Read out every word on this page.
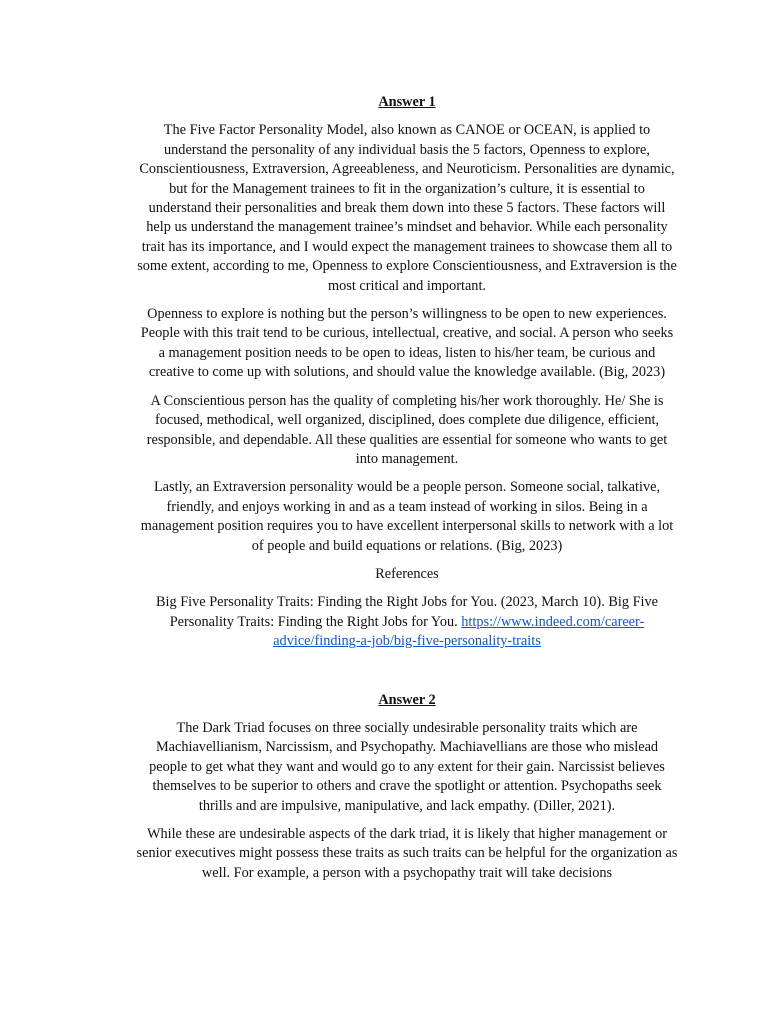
Answer 1

The Five Factor Personality Model, also known as CANOE or OCEAN, is applied to understand the personality of any individual basis the 5 factors, Openness to explore, Conscientiousness, Extraversion, Agreeableness, and Neuroticism. Personalities are dynamic, but for the Management trainees to fit in the organization’s culture, it is essential to understand their personalities and break them down into these 5 factors. These factors will help us understand the management trainee’s mindset and behavior. While each personality trait has its importance, and I would expect the management trainees to showcase them all to some extent, according to me, Openness to explore Conscientiousness, and Extraversion is the most critical and important.

Openness to explore is nothing but the person’s willingness to be open to new experiences. People with this trait tend to be curious, intellectual, creative, and social. A person who seeks a management position needs to be open to ideas, listen to his/her team, be curious and creative to come up with solutions, and should value the knowledge available. (Big, 2023)

A Conscientious person has the quality of completing his/her work thoroughly. He/ She is focused, methodical, well organized, disciplined, does complete due diligence, efficient, responsible, and dependable. All these qualities are essential for someone who wants to get into management.

Lastly, an Extraversion personality would be a people person. Someone social, talkative, friendly, and enjoys working in and as a team instead of working in silos. Being in a management position requires you to have excellent interpersonal skills to network with a lot of people and build equations or relations. (Big, 2023)

References

Big Five Personality Traits: Finding the Right Jobs for You. (2023, March 10). Big Five Personality Traits: Finding the Right Jobs for You. https://www.indeed.com/career-advice/finding-a-job/big-five-personality-traits

Answer 2

The Dark Triad focuses on three socially undesirable personality traits which are Machiavellianism, Narcissism, and Psychopathy. Machiavellians are those who mislead people to get what they want and would go to any extent for their gain. Narcissist believes themselves to be superior to others and crave the spotlight or attention. Psychopaths seek thrills and are impulsive, manipulative, and lack empathy. (Diller, 2021).

While these are undesirable aspects of the dark triad, it is likely that higher management or senior executives might possess these traits as such traits can be helpful for the organization as well. For example, a person with a psychopathy trait will take decisions
